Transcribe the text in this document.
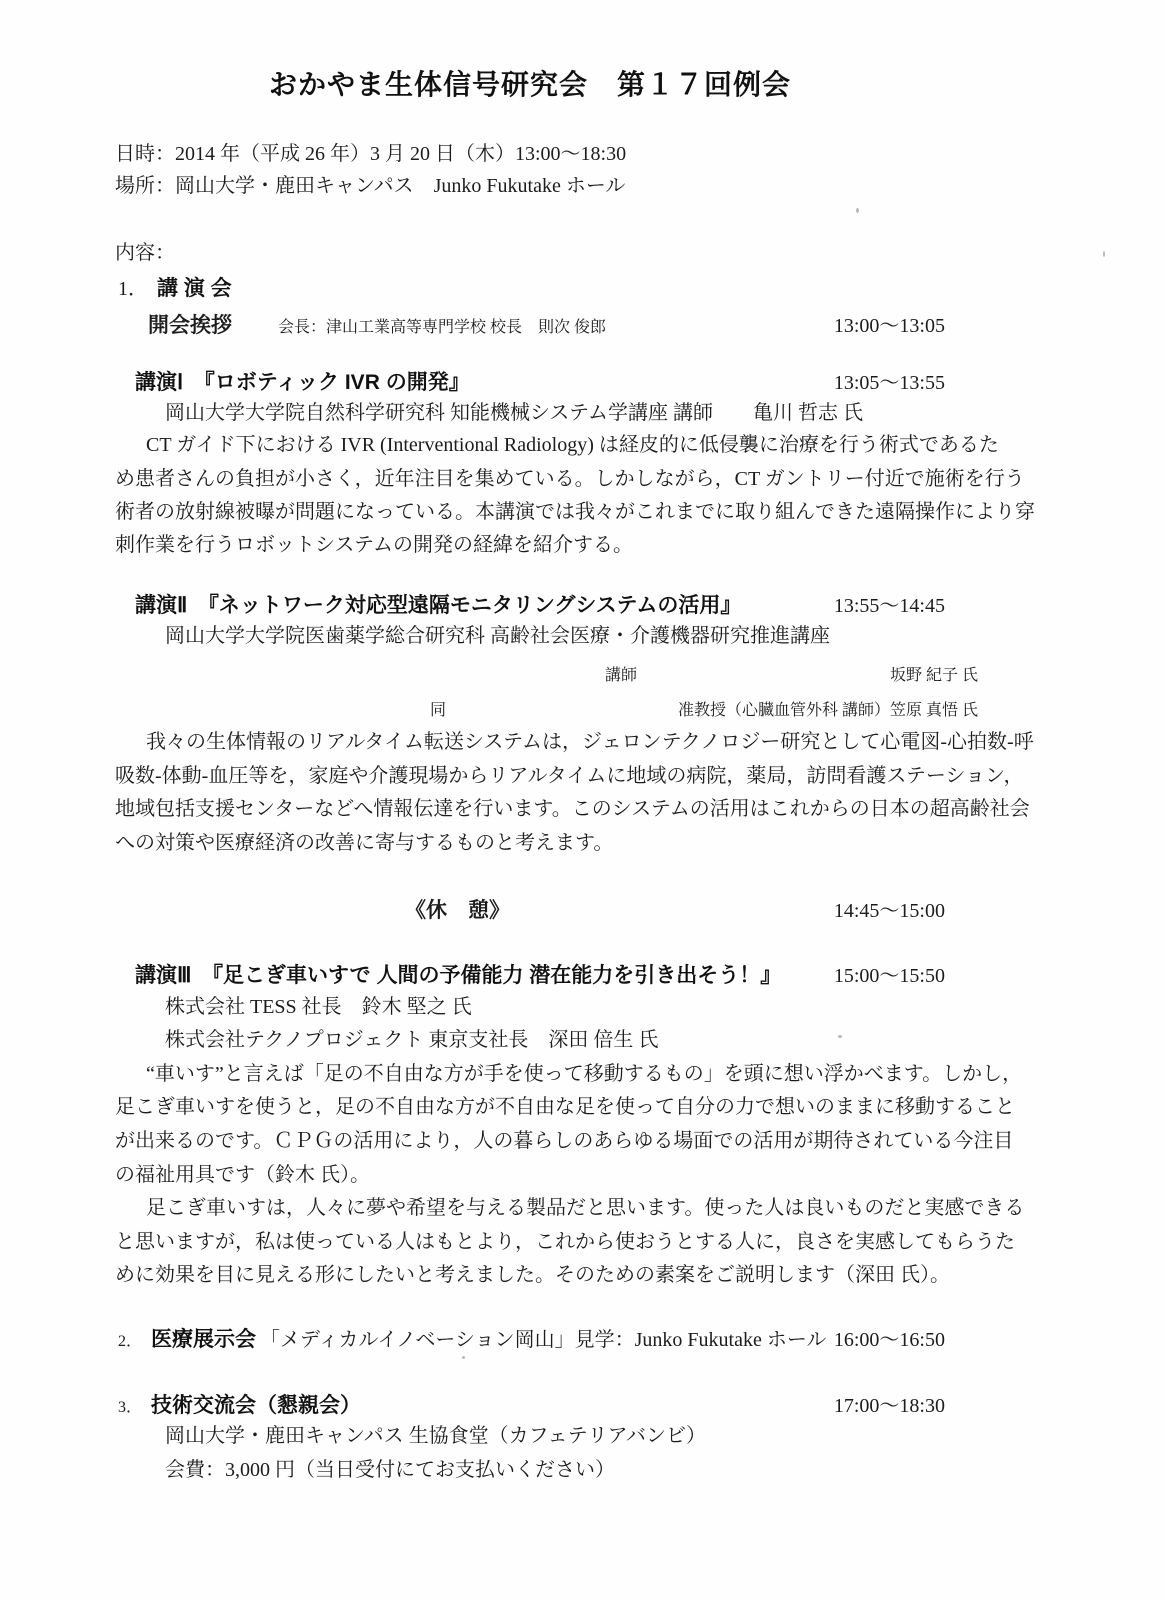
おかやま生体信号研究会　第１７回例会
日時：2014 年（平成 26 年）3 月 20 日（木）13:00～18:30
場所：岡山大学・鹿田キャンパス　Junko Fukutake ホール
内容：
1． 講 演 会
開会挨拶	会長：津山工業高等専門学校 校長　則次 俊郎	13:00～13:05
講演Ⅰ　『ロボティック IVR の開発』	13:05～13:55
岡山大学大学院自然科学研究科 知能機械システム学講座 講師　　亀川 哲志 氏
CT ガイド下における IVR (Interventional Radiology) は経皮的に低侵襲に治療を行う術式であるた
め患者さんの負担が小さく，近年注目を集めている。しかしながら，CT ガントリー付近で施術を行う
術者の放射線被曝が問題になっている。本講演では我々がこれまでに取り組んできた遠隔操作により穿
刺作業を行うロボットシステムの開発の経緯を紹介する。
講演Ⅱ　『ネットワーク対応型遠隔モニタリングシステムの活用』	13:55～14:45
岡山大学大学院医歯薬学総合研究科 高齢社会医療・介護機器研究推進講座
講師	坂野 紀子 氏
同	准教授（心臓血管外科 講師）笠原 真悟 氏
我々の生体情報のリアルタイム転送システムは，ジェロンテクノロジー研究として心電図-心拍数-呼
吸数-体動-血圧等を，家庭や介護現場からリアルタイムに地域の病院，薬局，訪問看護ステーション，
地域包括支援センターなどへ情報伝達を行います。このシステムの活用はこれからの日本の超高齢社会
への対策や医療経済の改善に寄与するものと考えます。
《休　憩》	14:45～15:00
講演Ⅲ　『足こぎ車いすで 人間の予備能力 潜在能力を引き出そう！』	15:00～15:50
株式会社 TESS 社長　鈴木 堅之 氏
株式会社テクノプロジェクト 東京支社長　深田 倍生 氏
“車いす”と言えば「足の不自由な方が手を使って移動するもの」を頭に想い浮かべます。しかし，
足こぎ車いすを使うと，足の不自由な方が不自由な足を使って自分の力で想いのままに移動すること
が出来るのです。ＣＰＧの活用により，人の暮らしのあらゆる場面での活用が期待されている今注目
の福祉用具です（鈴木 氏）。
足こぎ車いすは，人々に夢や希望を与える製品だと思います。使った人は良いものだと実感できる
と思いますが，私は使っている人はもとより，これから使おうとする人に，良さを実感してもらうた
めに効果を目に見える形にしたいと考えました。そのための素案をご説明します（深田 氏）。
2． 医療展示会 「メディカルイノベーション岡山」見学：Junko Fukutake ホール 16:00～16:50
3． 技術交流会（懇親会）	17:00～18:30
岡山大学・鹿田キャンパス 生協食堂（カフェテリアバンビ）
会費：3,000 円（当日受付にてお支払いください）
